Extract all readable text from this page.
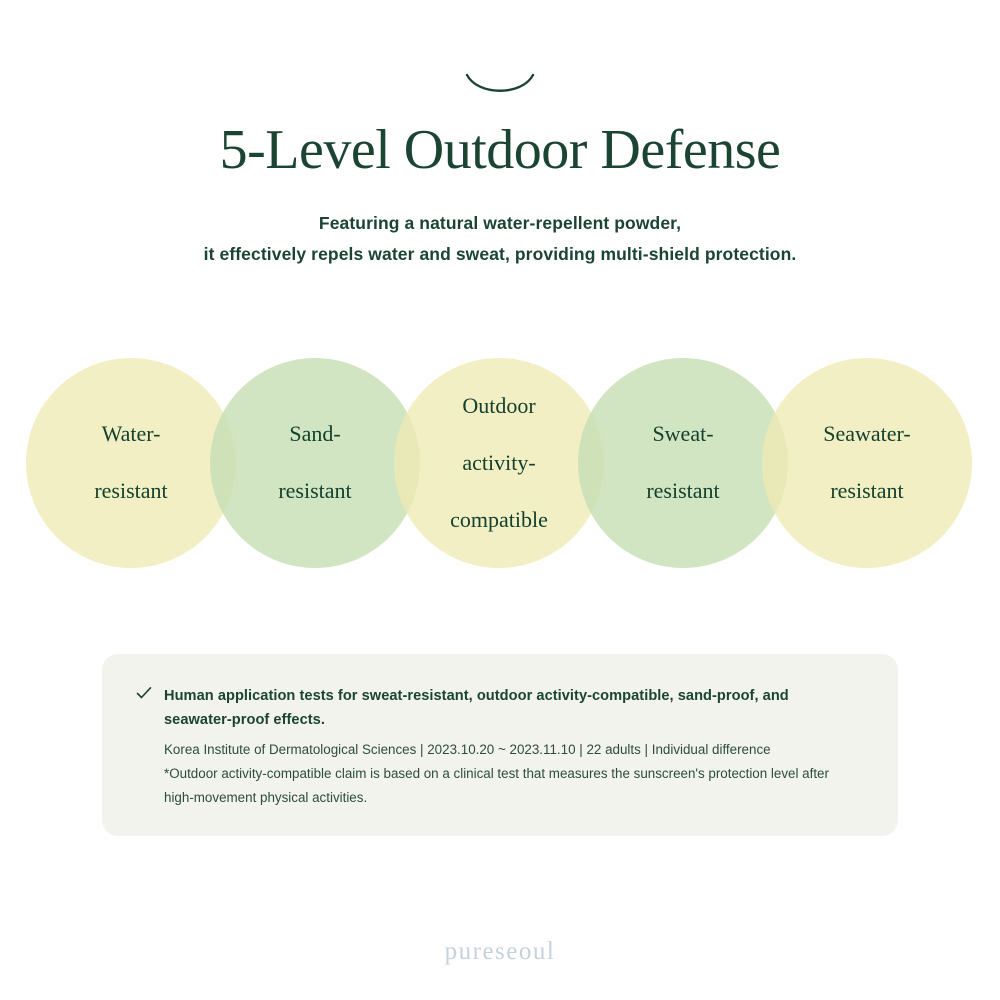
5-Level Outdoor Defense
Featuring a natural water-repellent powder,
it effectively repels water and sweat, providing multi-shield protection.
Water-

resistant
Sand-

resistant
Outdoor

activity-

compatible
Sweat-

resistant
Seawater-

resistant
Human application tests for sweat-resistant, outdoor activity-compatible, sand-proof, and seawater-proof effects.

Korea Institute of Dermatological Sciences | 2023.10.20 ~ 2023.11.10 | 22 adults | Individual difference

*Outdoor activity-compatible claim is based on a clinical test that measures the sunscreen's protection level after

high-movement physical activities.

pureseoul
